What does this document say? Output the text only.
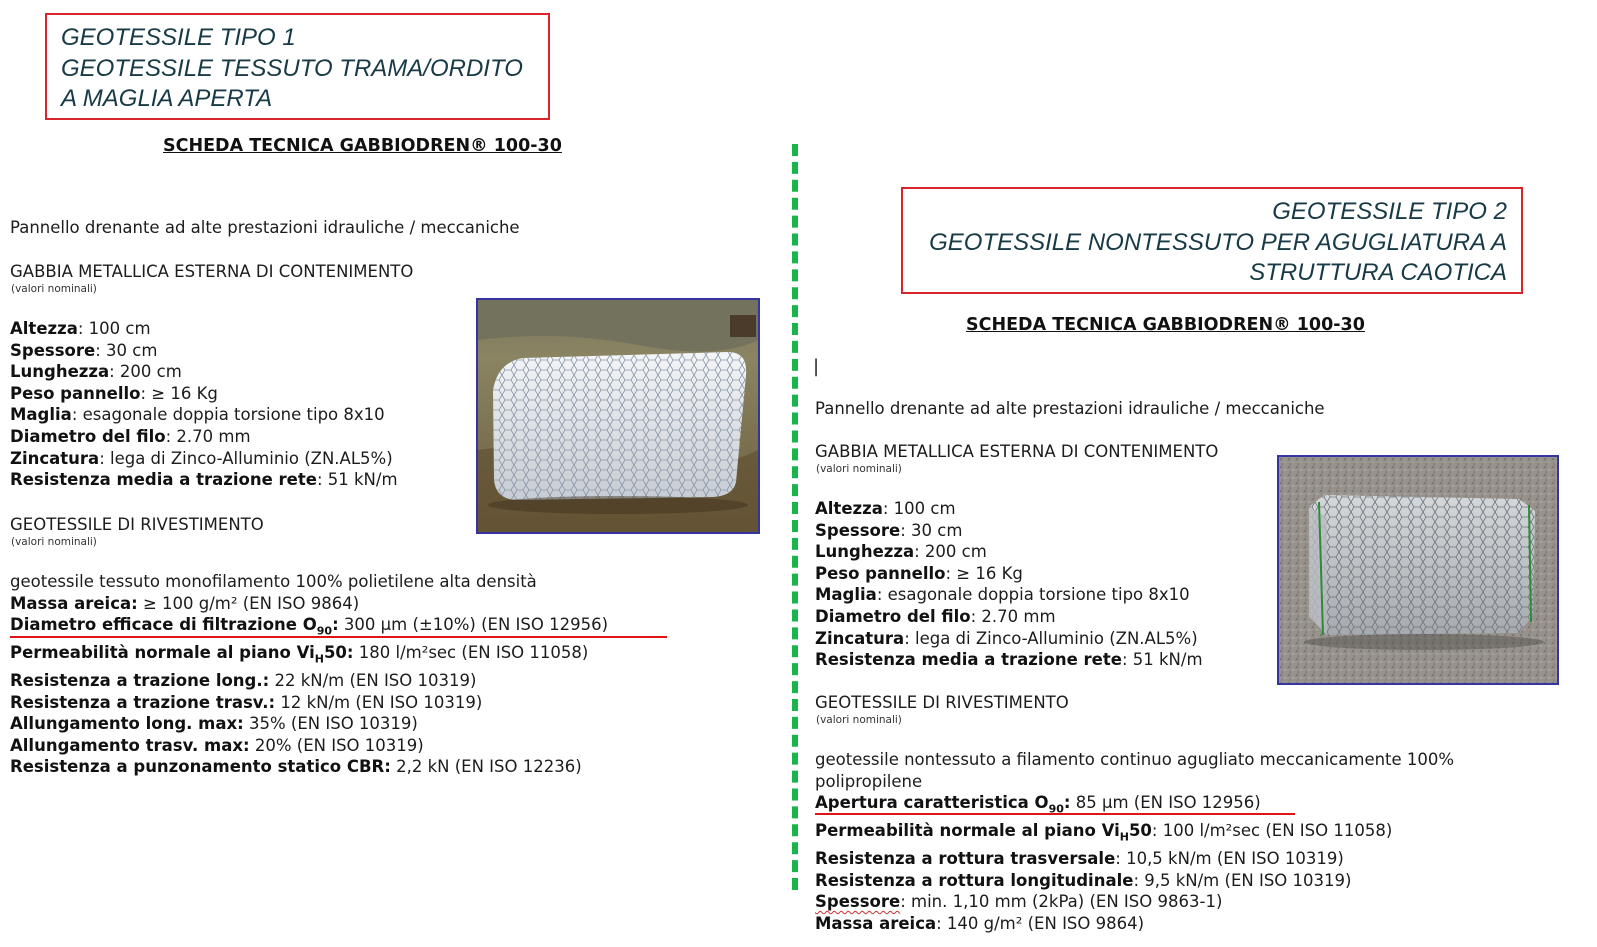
GEOTESSILE TIPO 1
GEOTESSILE TESSUTO TRAMA/ORDITO
A MAGLIA APERTA
SCHEDA TECNICA GABBIODREN® 100-30
Pannello drenante ad alte prestazioni idrauliche / meccaniche
GABBIA METALLICA ESTERNA DI CONTENIMENTO
(valori nominali)
Altezza: 100 cm
Spessore: 30 cm
Lunghezza: 200 cm
Peso pannello: ≥ 16 Kg
Maglia: esagonale doppia torsione tipo 8x10
Diametro del filo: 2.70 mm
Zincatura: lega di Zinco-Alluminio (ZN.AL5%)
Resistenza media a trazione rete: 51 kN/m
GEOTESSILE DI RIVESTIMENTO
(valori nominali)
geotessile tessuto monofilamento 100% polietilene alta densità
Massa areica: ≥ 100 g/m² (EN ISO 9864)
Diametro efficace di filtrazione $O_{90}$: 300 µm (±10%) (EN ISO 12956)
Permeabilità normale al piano $Vi_H50$: 180 l/m²sec (EN ISO 11058)
Resistenza a trazione long.: 22 kN/m (EN ISO 10319)
Resistenza a trazione trasv.: 12 kN/m (EN ISO 10319)
Allungamento long. max: 35% (EN ISO 10319)
Allungamento trasv. max: 20% (EN ISO 10319)
Resistenza a punzonamento statico CBR: 2,2 kN (EN ISO 12236)
GEOTESSILE TIPO 2
GEOTESSILE NONTESSUTO PER AGUGLIATURA A
STRUTTURA CAOTICA
SCHEDA TECNICA GABBIODREN® 100-30
|
Pannello drenante ad alte prestazioni idrauliche / meccaniche
GABBIA METALLICA ESTERNA DI CONTENIMENTO
(valori nominali)
Altezza: 100 cm
Spessore: 30 cm
Lunghezza: 200 cm
Peso pannello: ≥ 16 Kg
Maglia: esagonale doppia torsione tipo 8x10
Diametro del filo: 2.70 mm
Zincatura: lega di Zinco-Alluminio (ZN.AL5%)
Resistenza media a trazione rete: 51 kN/m
GEOTESSILE DI RIVESTIMENTO
(valori nominali)
geotessile nontessuto a filamento continuo agugliato meccanicamente 100%
polipropilene
Apertura caratteristica $O_{90}$: 85 µm (EN ISO 12956)
Permeabilità normale al piano $Vi_H50$: 100 l/m²sec (EN ISO 11058)
Resistenza a rottura trasversale: 10,5 kN/m (EN ISO 10319)
Resistenza a rottura longitudinale: 9,5 kN/m (EN ISO 10319)
Spessore: min. 1,10 mm (2kPa) (EN ISO 9863-1)
Massa areica: 140 g/m² (EN ISO 9864)
